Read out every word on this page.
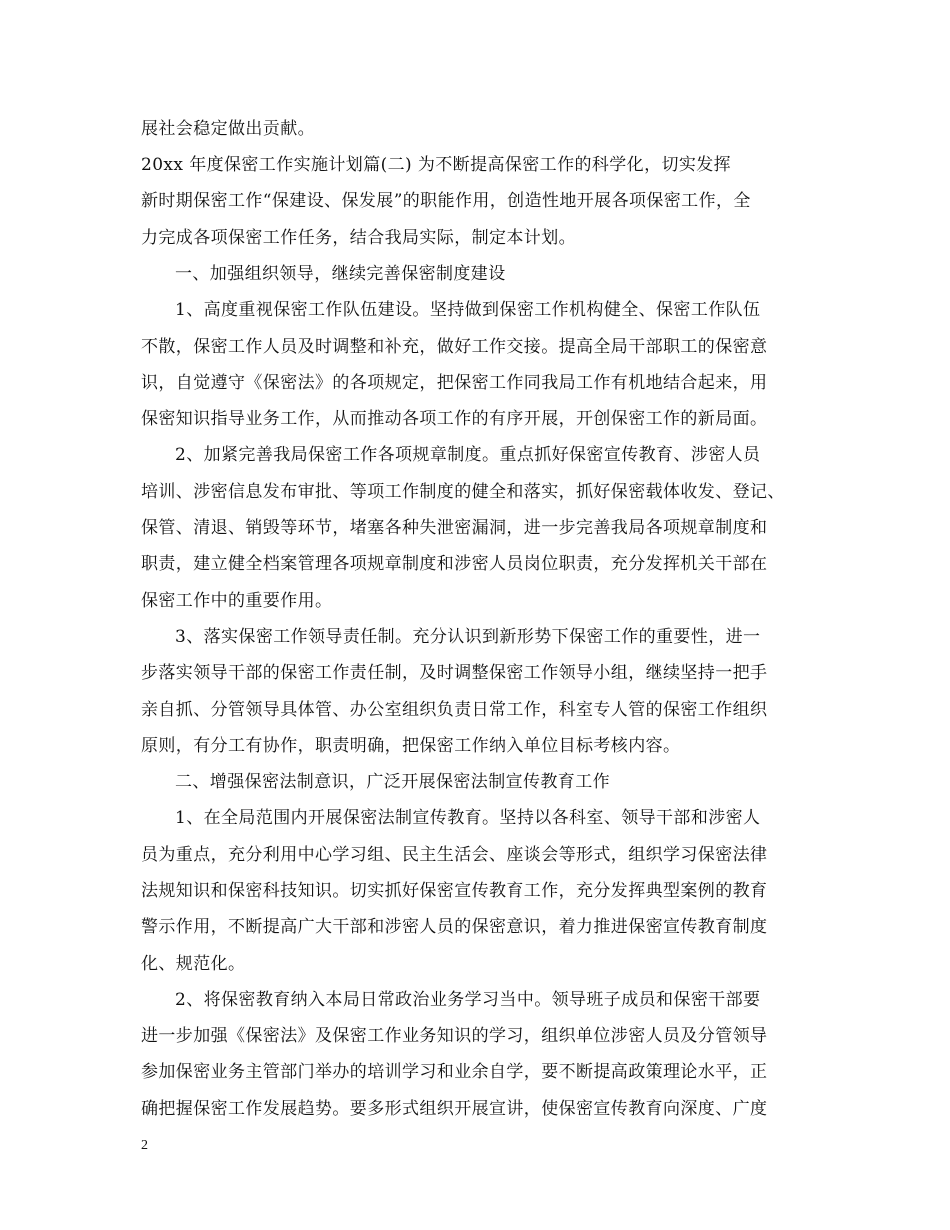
展社会稳定做出贡献。
20xx 年度保密工作实施计划篇(二) 为不断提高保密工作的科学化，切实发挥
新时期保密工作“保建设、保发展”的职能作用，创造性地开展各项保密工作，全
力完成各项保密工作任务，结合我局实际，制定本计划。
一、加强组织领导，继续完善保密制度建设
1、高度重视保密工作队伍建设。坚持做到保密工作机构健全、保密工作队伍
不散，保密工作人员及时调整和补充，做好工作交接。提高全局干部职工的保密意
识，自觉遵守《保密法》的各项规定，把保密工作同我局工作有机地结合起来，用
保密知识指导业务工作，从而推动各项工作的有序开展，开创保密工作的新局面。
2、加紧完善我局保密工作各项规章制度。重点抓好保密宣传教育、涉密人员
培训、涉密信息发布审批、等项工作制度的健全和落实，抓好保密载体收发、登记、
保管、清退、销毁等环节，堵塞各种失泄密漏洞，进一步完善我局各项规章制度和
职责，建立健全档案管理各项规章制度和涉密人员岗位职责，充分发挥机关干部在
保密工作中的重要作用。
3、落实保密工作领导责任制。充分认识到新形势下保密工作的重要性，进一
步落实领导干部的保密工作责任制，及时调整保密工作领导小组，继续坚持一把手
亲自抓、分管领导具体管、办公室组织负责日常工作，科室专人管的保密工作组织
原则，有分工有协作，职责明确，把保密工作纳入单位目标考核内容。
二、增强保密法制意识，广泛开展保密法制宣传教育工作
1、在全局范围内开展保密法制宣传教育。坚持以各科室、领导干部和涉密人
员为重点，充分利用中心学习组、民主生活会、座谈会等形式，组织学习保密法律
法规知识和保密科技知识。切实抓好保密宣传教育工作，充分发挥典型案例的教育
警示作用，不断提高广大干部和涉密人员的保密意识，着力推进保密宣传教育制度
化、规范化。
2、将保密教育纳入本局日常政治业务学习当中。领导班子成员和保密干部要
进一步加强《保密法》及保密工作业务知识的学习，组织单位涉密人员及分管领导
参加保密业务主管部门举办的培训学习和业余自学，要不断提高政策理论水平，正
确把握保密工作发展趋势。要多形式组织开展宣讲，使保密宣传教育向深度、广度
2
